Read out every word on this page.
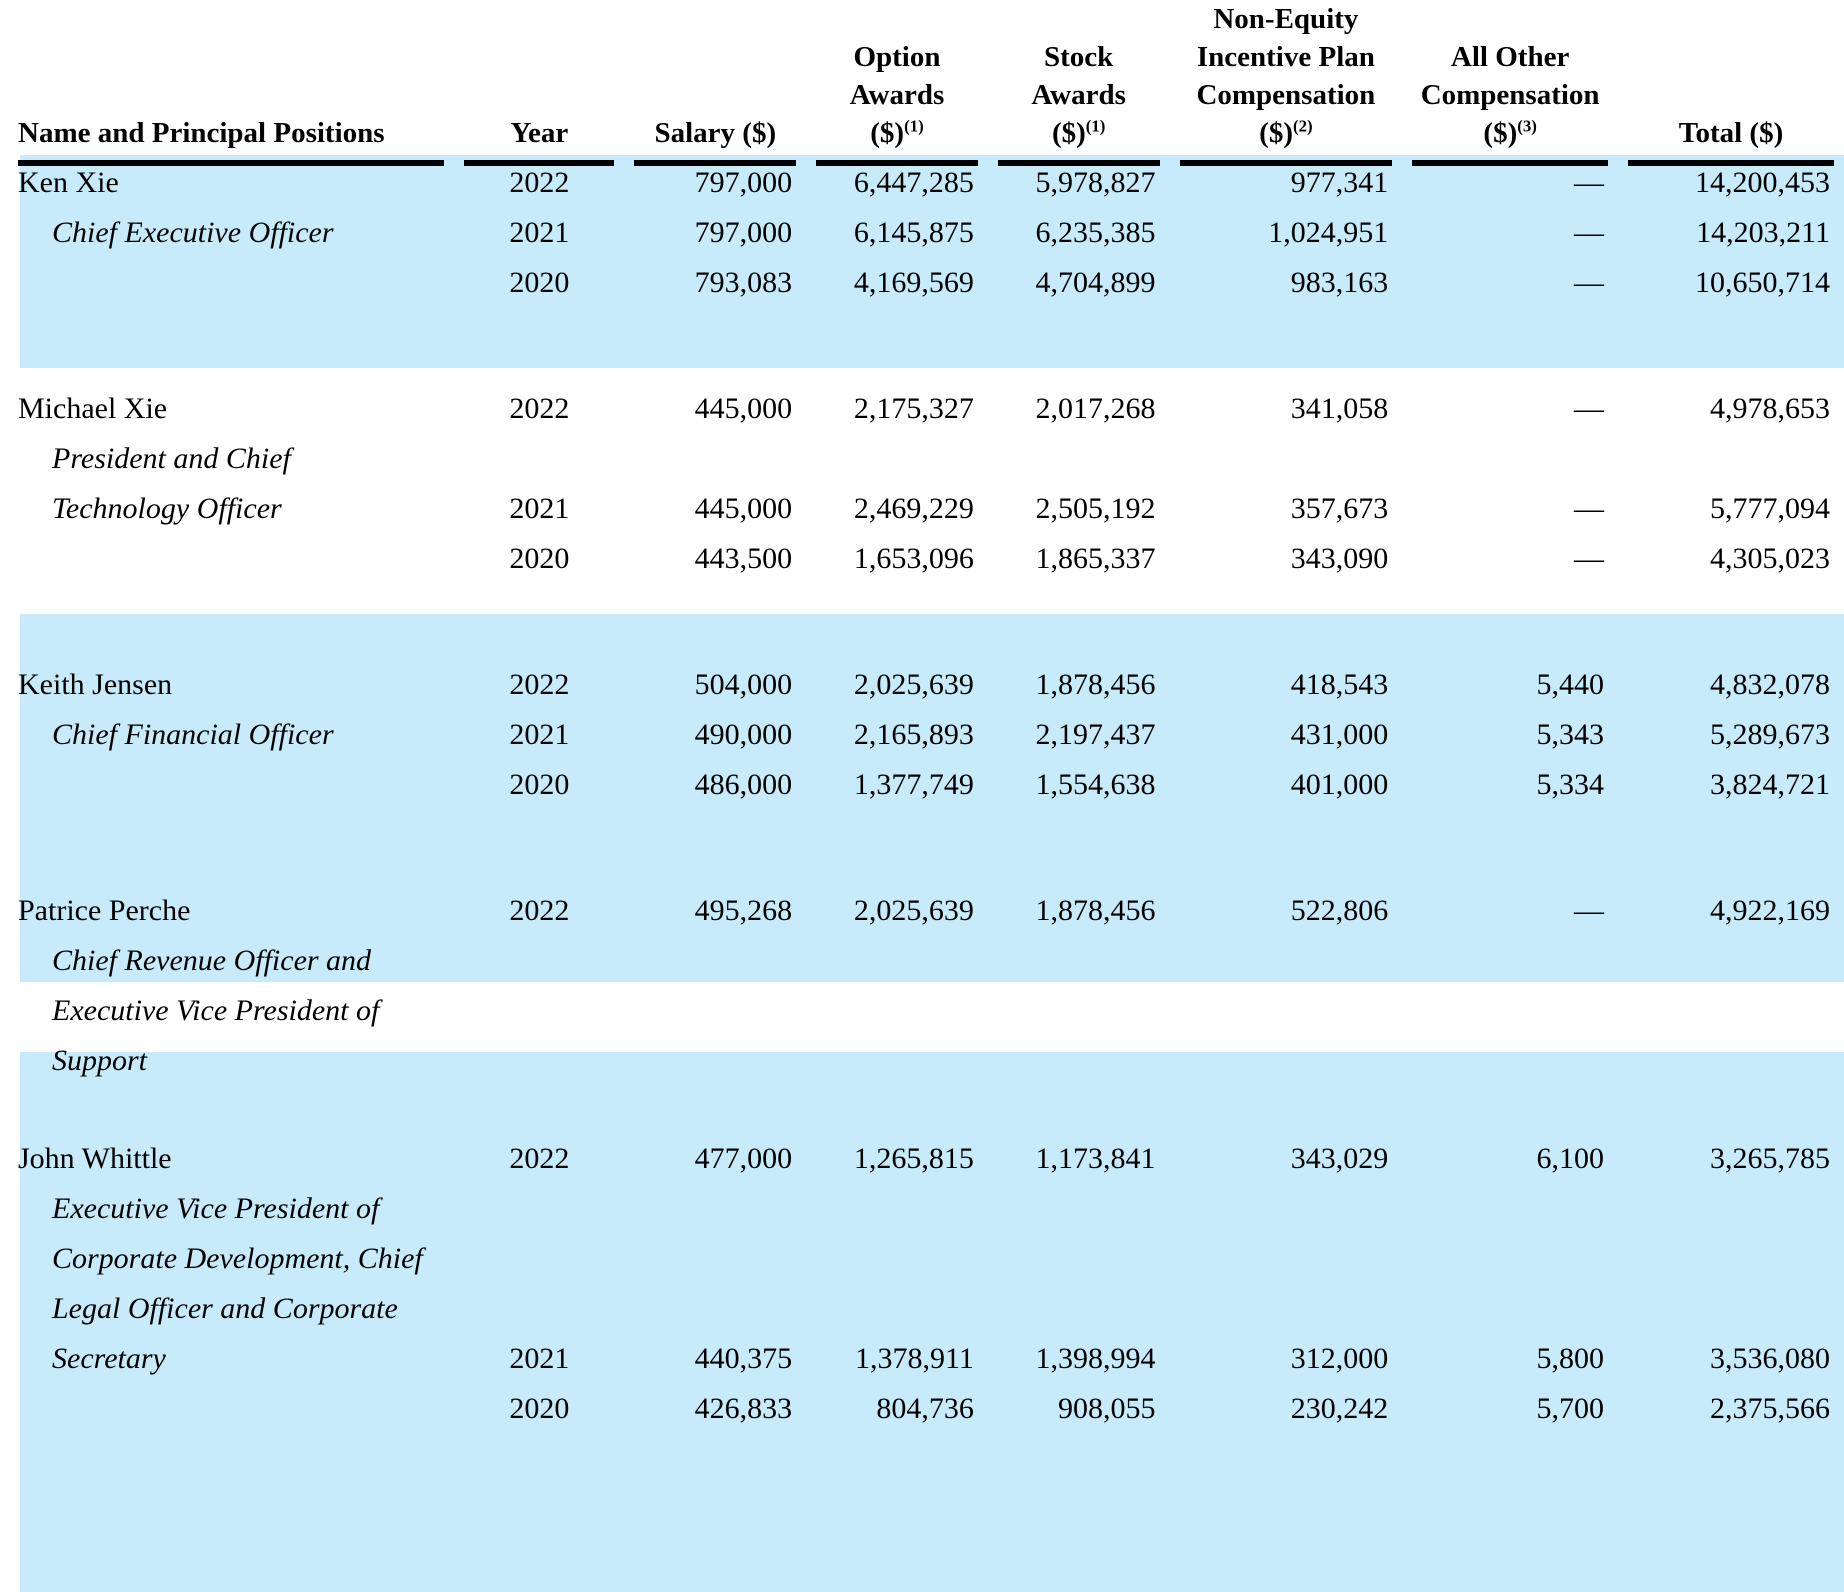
Name and Principal Positions	Year	Salary ($)	Option
Awards
($)$^{(1)}$	Stock
Awards
($)$^{(1)}$	Non-Equity
Incentive Plan
Compensation
($)$^{(2)}$	All Other
Compensation
($)$^{(3)}$	Total ($)

Ken Xie	2022	797,000	6,447,285	5,978,827	977,341	—	14,200,453
Chief Executive Officer	2021	797,000	6,145,875	6,235,385	1,024,951	—	14,203,211
	2020	793,083	4,169,569	4,704,899	983,163	—	10,650,714

Michael Xie	2022	445,000	2,175,327	2,017,268	341,058	—	4,978,653
President and Chief							
Technology Officer	2021	445,000	2,469,229	2,505,192	357,673	—	5,777,094
	2020	443,500	1,653,096	1,865,337	343,090	—	4,305,023

Keith Jensen	2022	504,000	2,025,639	1,878,456	418,543	5,440	4,832,078
Chief Financial Officer	2021	490,000	2,165,893	2,197,437	431,000	5,343	5,289,673
	2020	486,000	1,377,749	1,554,638	401,000	5,334	3,824,721

Patrice Perche	2022	495,268	2,025,639	1,878,456	522,806	—	4,922,169
Chief Revenue Officer and							
Executive Vice President of							
Support							

John Whittle	2022	477,000	1,265,815	1,173,841	343,029	6,100	3,265,785
Executive Vice President of							
Corporate Development, Chief							
Legal Officer and Corporate							
Secretary	2021	440,375	1,378,911	1,398,994	312,000	5,800	3,536,080
	2020	426,833	804,736	908,055	230,242	5,700	2,375,566
